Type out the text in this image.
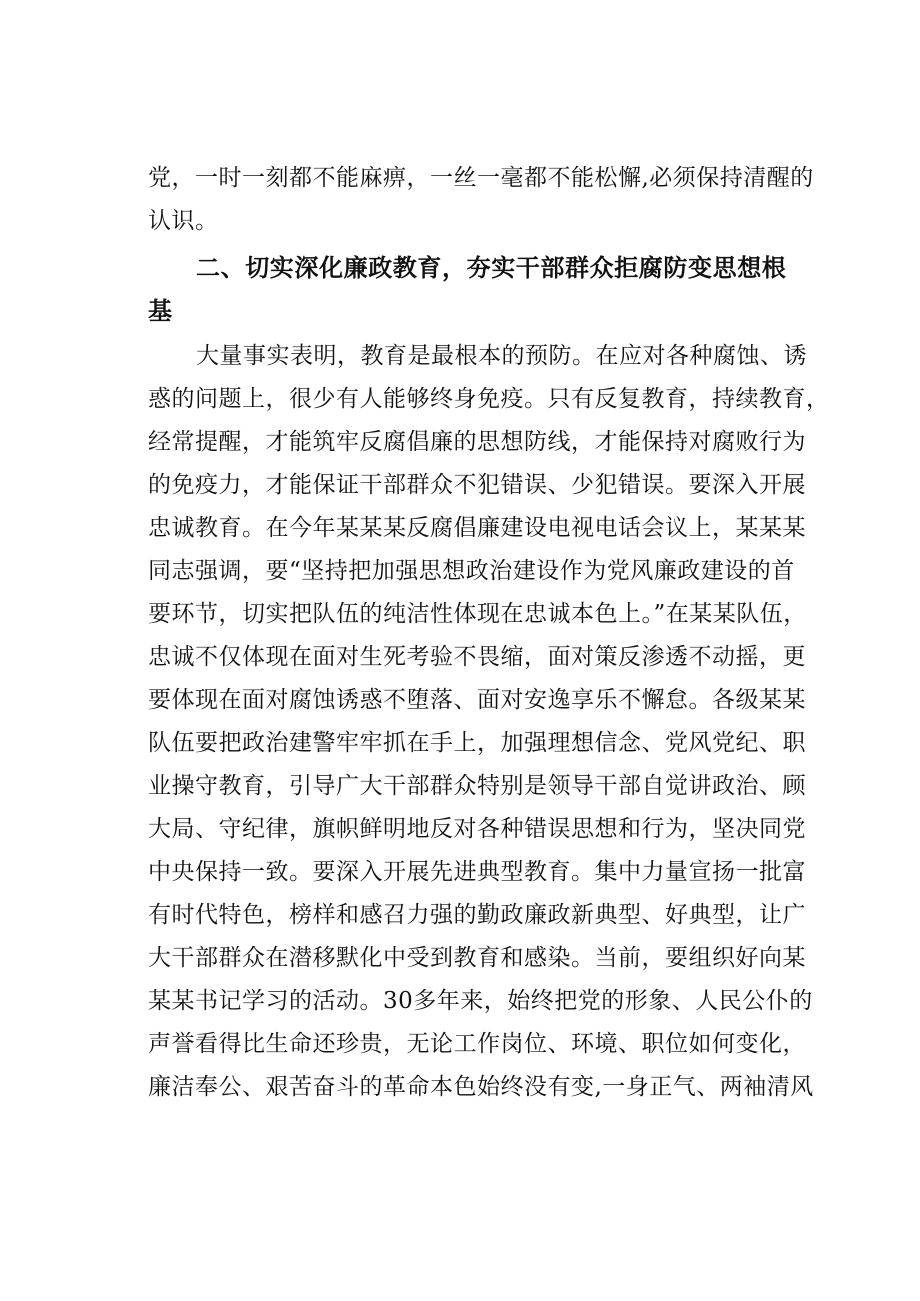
党，一时一刻都不能麻痹，一丝一毫都不能松懈,必须保持清醒的
认识。
二、切实深化廉政教育，夯实干部群众拒腐防变思想根
基
大量事实表明，教育是最根本的预防。在应对各种腐蚀、诱
惑的问题上，很少有人能够终身免疫。只有反复教育，持续教育，
经常提醒，才能筑牢反腐倡廉的思想防线，才能保持对腐败行为
的免疫力，才能保证干部群众不犯错误、少犯错误。要深入开展
忠诚教育。在今年某某某反腐倡廉建设电视电话会议上，某某某
同志强调，要“坚持把加强思想政治建设作为党风廉政建设的首
要环节，切实把队伍的纯洁性体现在忠诚本色上。”在某某队伍，
忠诚不仅体现在面对生死考验不畏缩，面对策反渗透不动摇，更
要体现在面对腐蚀诱惑不堕落、面对安逸享乐不懈怠。各级某某
队伍要把政治建警牢牢抓在手上，加强理想信念、党风党纪、职
业操守教育，引导广大干部群众特别是领导干部自觉讲政治、顾
大局、守纪律，旗帜鲜明地反对各种错误思想和行为，坚决同党
中央保持一致。要深入开展先进典型教育。集中力量宣扬一批富
有时代特色，榜样和感召力强的勤政廉政新典型、好典型，让广
大干部群众在潜移默化中受到教育和感染。当前，要组织好向某
某某书记学习的活动。30多年来，始终把党的形象、人民公仆的
声誉看得比生命还珍贵，无论工作岗位、环境、职位如何变化，
廉洁奉公、艰苦奋斗的革命本色始终没有变,一身正气、两袖清风
